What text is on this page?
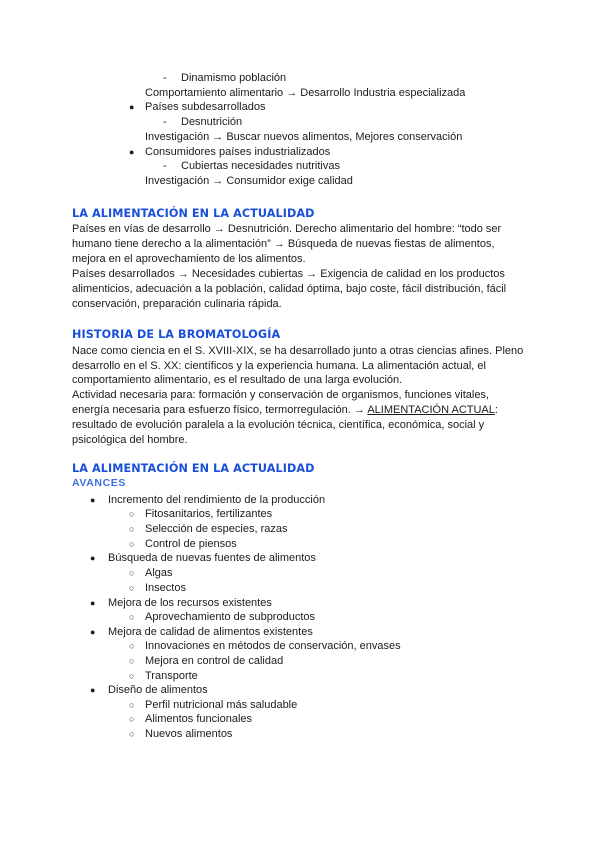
- Dinamismo población
Comportamiento alimentario → Desarrollo Industria especializada
● Países subdesarrollados
- Desnutrición
Investigación → Buscar nuevos alimentos, Mejores conservación
● Consumidores países industrializados
- Cubiertas necesidades nutritivas
Investigación → Consumidor exige calidad
LA ALIMENTACIÓN EN LA ACTUALIDAD
Países en vías de desarrollo → Desnutrición. Derecho alimentario del hombre: “todo ser
humano tiene derecho a la alimentación” → Búsqueda de nuevas fiestas de alimentos,
mejora en el aprovechamiento de los alimentos.
Países desarrollados → Necesidades cubiertas → Exigencia de calidad en los productos
alimenticios, adecuación a la población, calidad óptima, bajo coste, fácil distribución, fácil
conservación, preparación culinaria rápida.
HISTORIA DE LA BROMATOLOGÍA
Nace como ciencia en el S. XVIII-XIX, se ha desarrollado junto a otras ciencias afines. Pleno
desarrollo en el S. XX: científicos y la experiencia humana. La alimentación actual, el
comportamiento alimentario, es el resultado de una larga evolución.
Actividad necesaria para: formación y conservación de organismos, funciones vitales,
energía necesaria para esfuerzo físico, termorregulación. → ALIMENTACIÓN ACTUAL:
resultado de evolución paralela a la evolución técnica, científica, económica, social y
psicológica del hombre.
LA ALIMENTACIÓN EN LA ACTUALIDAD
AVANCES
● Incremento del rendimiento de la producción
○ Fitosanitarios, fertilizantes
○ Selección de especies, razas
○ Control de piensos
● Búsqueda de nuevas fuentes de alimentos
○ Algas
○ Insectos
● Mejora de los recursos existentes
○ Aprovechamiento de subproductos
● Mejora de calidad de alimentos existentes
○ Innovaciones en métodos de conservación, envases
○ Mejora en control de calidad
○ Transporte
● Diseño de alimentos
○ Perfil nutricional más saludable
○ Alimentos funcionales
○ Nuevos alimentos
